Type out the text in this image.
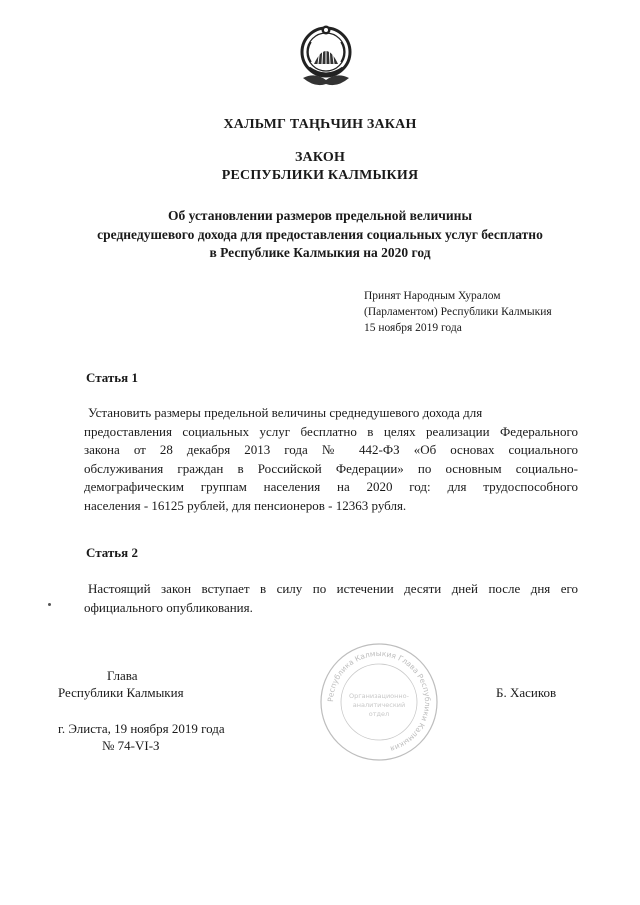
ХАЛЬМГ ТАҢҺЧИН ЗАКАН
ЗАКОН
РЕСПУБЛИКИ КАЛМЫКИЯ
Об установлении размеров предельной величины
среднедушевого дохода для предоставления социальных услуг бесплатно
в Республике Калмыкия на 2020 год
Принят Народным Хуралом
(Парламентом) Республики Калмыкия
15 ноября 2019 года
Статья 1
Установить размеры предельной величины среднедушевого дохода для
предоставления социальных услуг бесплатно в целях реализации Федерального
закона от 28 декабря 2013 года № 442-ФЗ «Об основах социального
обслуживания граждан в Российской Федерации» по основным социально-
демографическим группам населения на 2020 год: для трудоспособного
населения - 16125 рублей, для пенсионеров - 12363 рубля.
Статья 2
Настоящий закон вступает в силу по истечении десяти дней после дня его
официального опубликования.
Глава
Республики Калмыкия	Б. Хасиков
г. Элиста, 19 ноября 2019 года
№ 74-VI-З
Республика Калмыкия Глава Республики Калмыкия
Организационно-
аналитический
отдел
